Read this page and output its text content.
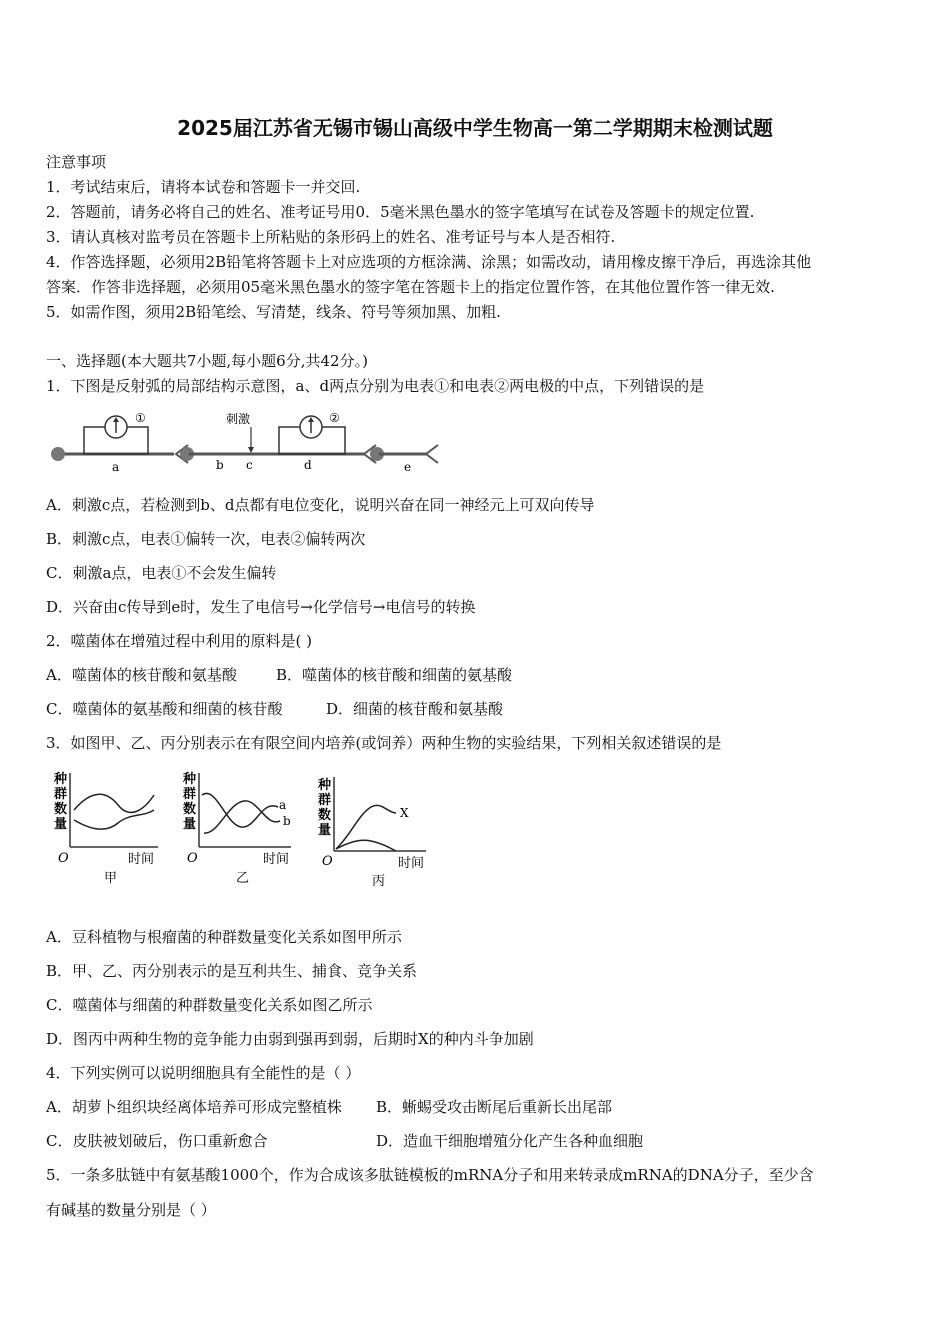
2025届江苏省无锡市锡山高级中学生物高一第二学期期末检测试题
注意事项
1．考试结束后，请将本试卷和答题卡一并交回.
2．答题前，请务必将自己的姓名、准考证号用0．5毫米黑色墨水的签字笔填写在试卷及答题卡的规定位置.
3．请认真核对监考员在答题卡上所粘贴的条形码上的姓名、准考证号与本人是否相符.
4．作答选择题，必须用2B铅笔将答题卡上对应选项的方框涂满、涂黑；如需改动，请用橡皮擦干净后，再选涂其他
答案．作答非选择题，必须用05毫米黑色墨水的签字笔在答题卡上的指定位置作答，在其他位置作答一律无效.
5．如需作图，须用2B铅笔绘、写清楚，线条、符号等须加黑、加粗.
一、选择题(本大题共7小题,每小题6分,共42分。)
1．下图是反射弧的局部结构示意图，a、d两点分别为电表①和电表②两电极的中点，下列错误的是
①
a
刺激	②
b c	d	e
A．刺激c点，若检测到b、d点都有电位变化，说明兴奋在同一神经元上可双向传导
B．刺激c点，电表①偏转一次，电表②偏转两次
C．刺激a点，电表①不会发生偏转
D．兴奋由c传导到e时，发生了电信号→化学信号→电信号的转换
2．噬菌体在增殖过程中利用的原料是( )
A．噬菌体的核苷酸和氨基酸	B．噬菌体的核苷酸和细菌的氨基酸
C．噬菌体的氨基酸和细菌的核苷酸	D．细菌的核苷酸和氨基酸
3．如图甲、乙、丙分别表示在有限空间内培养(或饲养）两种生物的实验结果，下列相关叙述错误的是
种
群
数
量
O	时间
甲
种
群
数
量
a
b
O	时间
乙
种
群
数
量
X
O	时间
丙
A．豆科植物与根瘤菌的种群数量变化关系如图甲所示
B．甲、乙、丙分别表示的是互利共生、捕食、竞争关系
C．噬菌体与细菌的种群数量变化关系如图乙所示
D．图丙中两种生物的竞争能力由弱到强再到弱，后期时X的种内斗争加剧
4．下列实例可以说明细胞具有全能性的是（ ）
A．胡萝卜组织块经离体培养可形成完整植株 B．蜥蜴受攻击断尾后重新长出尾部
C．皮肤被划破后，伤口重新愈合	D．造血干细胞增殖分化产生各种血细胞
5．一条多肽链中有氨基酸1000个，作为合成该多肽链模板的mRNA分子和用来转录成mRNA的DNA分子，至少含
有碱基的数量分别是（ ）
